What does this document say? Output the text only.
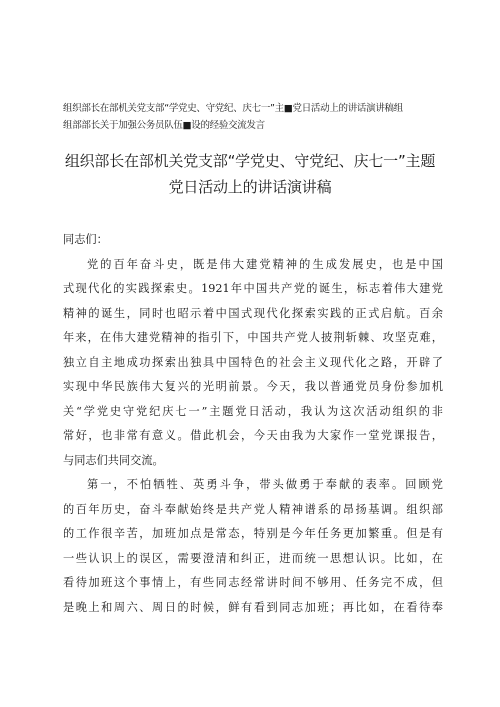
组织部长在部机关党支部“学党史、守党纪、庆七一”主■党日活动上的讲话演讲稿组
组部部长关于加强公务员队伍■设的经验交流发言
组织部长在部机关党支部“学党史、守党纪、庆七一”主题
党日活动上的讲话演讲稿
同志们：
党的百年奋斗史，既是伟大建党精神的生成发展史，也是中国
式现代化的实践探索史。1921年中国共产党的诞生，标志着伟大建党
精神的诞生，同时也昭示着中国式现代化探索实践的正式启航。百余
年来，在伟大建党精神的指引下，中国共产党人披荆斩棘、攻坚克难，
独立自主地成功探索出独具中国特色的社会主义现代化之路，开辟了
实现中华民族伟大复兴的光明前景。今天，我以普通党员身份参加机
关“学党史守党纪庆七一”主题党日活动，我认为这次活动组织的非
常好，也非常有意义。借此机会，今天由我为大家作一堂党课报告，
与同志们共同交流。
第一，不怕牺牲、英勇斗争，带头做勇于奉献的表率。回顾党
的百年历史，奋斗奉献始终是共产党人精神谱系的昂扬基调。组织部
的工作很辛苦，加班加点是常态，特别是今年任务更加繁重。但是有
一些认识上的误区，需要澄清和纠正，进而统一思想认识。比如，在
看待加班这个事情上，有些同志经常讲时间不够用、任务完不成，但
是晚上和周六、周日的时候，鲜有看到同志加班；再比如，在看待奉
